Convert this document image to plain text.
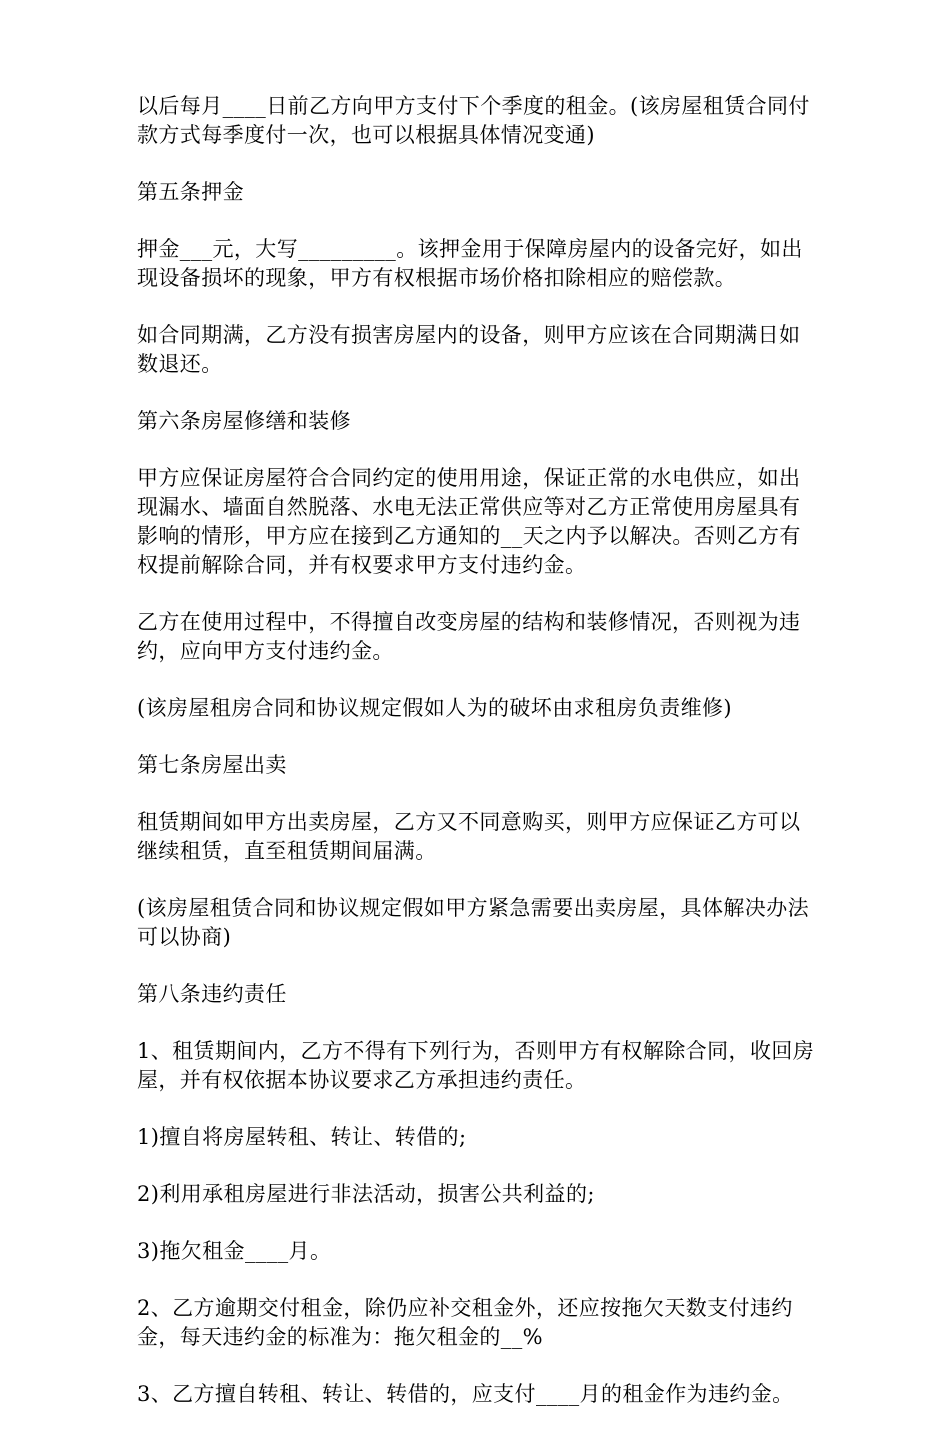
以后每月____日前乙方向甲方支付下个季度的租金。(该房屋租赁合同付款方式每季度付一次，也可以根据具体情况变通)

第五条押金

押金___元，大写_________。该押金用于保障房屋内的设备完好，如出现设备损坏的现象，甲方有权根据市场价格扣除相应的赔偿款。

如合同期满，乙方没有损害房屋内的设备，则甲方应该在合同期满日如数退还。

第六条房屋修缮和装修

甲方应保证房屋符合合同约定的使用用途，保证正常的水电供应，如出现漏水、墙面自然脱落、水电无法正常供应等对乙方正常使用房屋具有影响的情形，甲方应在接到乙方通知的__天之内予以解决。否则乙方有权提前解除合同，并有权要求甲方支付违约金。

乙方在使用过程中，不得擅自改变房屋的结构和装修情况，否则视为违约，应向甲方支付违约金。

(该房屋租房合同和协议规定假如人为的破坏由求租房负责维修)

第七条房屋出卖

租赁期间如甲方出卖房屋，乙方又不同意购买，则甲方应保证乙方可以继续租赁，直至租赁期间届满。

(该房屋租赁合同和协议规定假如甲方紧急需要出卖房屋，具体解决办法可以协商)

第八条违约责任

1、租赁期间内，乙方不得有下列行为，否则甲方有权解除合同，收回房屋，并有权依据本协议要求乙方承担违约责任。

1)擅自将房屋转租、转让、转借的;

2)利用承租房屋进行非法活动，损害公共利益的;

3)拖欠租金____月。

2、乙方逾期交付租金，除仍应补交租金外，还应按拖欠天数支付违约金，每天违约金的标准为：拖欠租金的__%

3、乙方擅自转租、转让、转借的，应支付____月的租金作为违约金。
